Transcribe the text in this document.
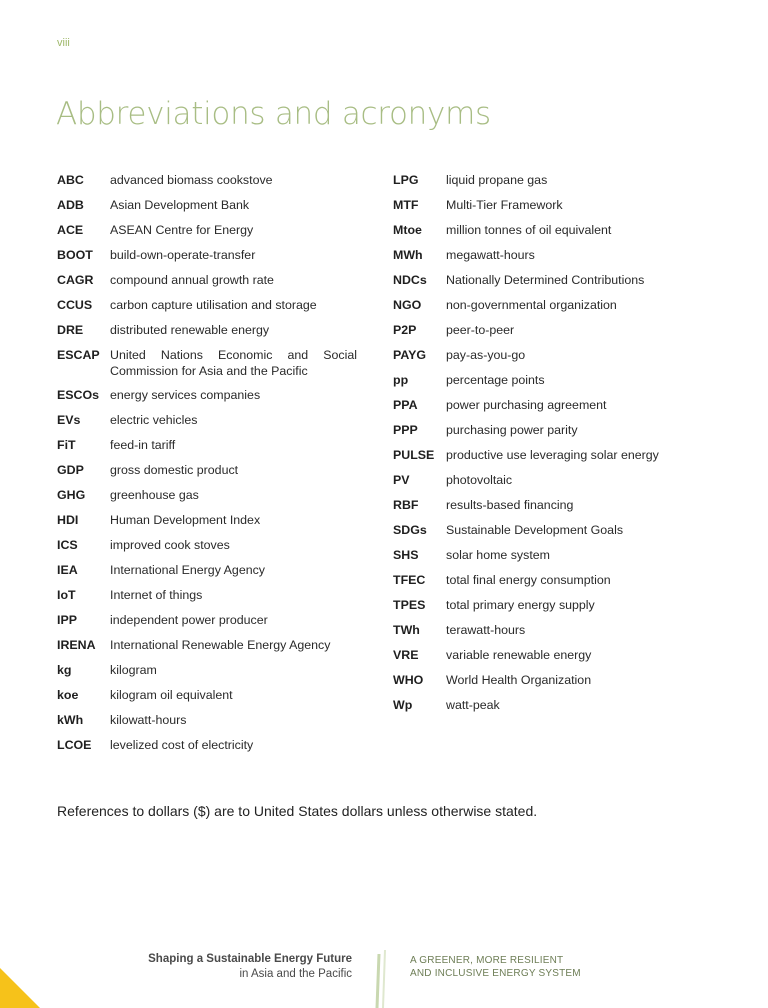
viii
Abbreviations and acronyms
ABC	advanced biomass cookstove
ADB	Asian Development Bank
ACE	ASEAN Centre for Energy
BOOT	build-own-operate-transfer
CAGR	compound annual growth rate
CCUS	carbon capture utilisation and storage
DRE	distributed renewable energy
ESCAP United Nations Economic and Social Commission for Asia and the Pacific
ESCOs energy services companies
EVs	electric vehicles
FiT	feed-in tariff
GDP	gross domestic product
GHG	greenhouse gas
HDI	Human Development Index
ICS	improved cook stoves
IEA	International Energy Agency
IoT	Internet of things
IPP	independent power producer
IRENA	International Renewable Energy Agency
kg	kilogram
koe	kilogram oil equivalent
kWh	kilowatt-hours
LCOE	levelized cost of electricity
LPG	liquid propane gas
MTF	Multi-Tier Framework
Mtoe	million tonnes of oil equivalent
MWh	megawatt-hours
NDCs	Nationally Determined Contributions
NGO	non-governmental organization
P2P	peer-to-peer
PAYG	pay-as-you-go
pp	percentage points
PPA	power purchasing agreement
PPP	purchasing power parity
PULSE productive use leveraging solar energy
PV	photovoltaic
RBF	results-based financing
SDGs	Sustainable Development Goals
SHS	solar home system
TFEC	total final energy consumption
TPES	total primary energy supply
TWh	terawatt-hours
VRE	variable renewable energy
WHO	World Health Organization
Wp	watt-peak
References to dollars ($) are to United States dollars unless otherwise stated.
Shaping a Sustainable Energy Future
in Asia and the Pacific
A GREENER, MORE RESILIENT
AND INCLUSIVE ENERGY SYSTEM
